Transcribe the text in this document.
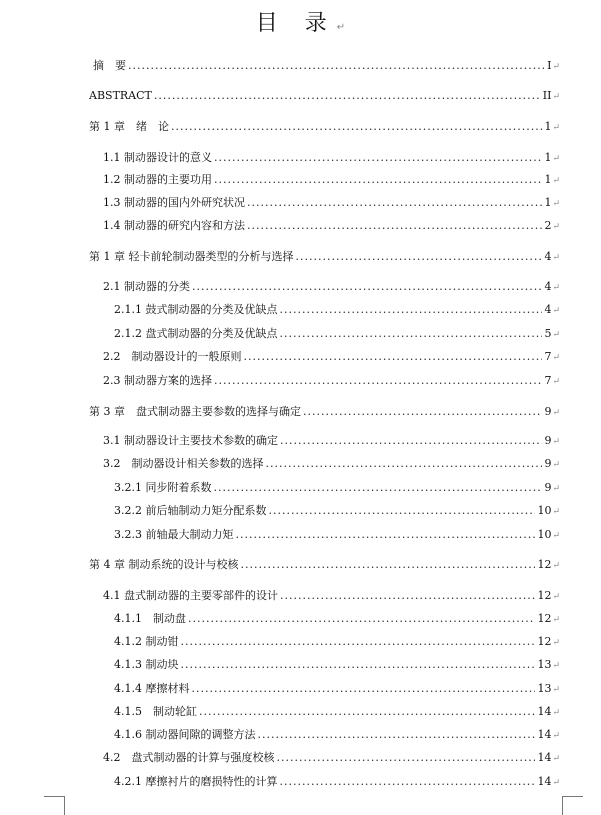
目 录↵
摘　要 .....	I ↵
ABSTRACT .....	II ↵
第 1 章　绪　论 .....	1 ↵
1.1 制动器设计的意义 .....	1 ↵
1.2 制动器的主要功用 .....	1 ↵
1.3 制动器的国内外研究状况 .....	1 ↵
1.4 制动器的研究内容和方法 .....	2 ↵
第 1 章 轻卡前轮制动器类型的分析与选择 .....	4 ↵
2.1 制动器的分类 .....	4 ↵
2.1.1 鼓式制动器的分类及优缺点 .....	4 ↵
2.1.2 盘式制动器的分类及优缺点 .....	5 ↵
2.2　制动器设计的一般原则 .....	7 ↵
2.3 制动器方案的选择 .....	7 ↵
第 3 章　盘式制动器主要参数的选择与确定 .....	9 ↵
3.1 制动器设计主要技术参数的确定 .....	9 ↵
3.2　制动器设计相关参数的选择 .....	9 ↵
3.2.1 同步附着系数 .....	9 ↵
3.2.2 前后轴制动力矩分配系数 .....	10 ↵
3.2.3 前轴最大制动力矩 .....	10 ↵
第 4 章 制动系统的设计与校核 .....	12 ↵
4.1 盘式制动器的主要零部件的设计 .....	12 ↵
4.1.1　制动盘 .....	12 ↵
4.1.2 制动钳 .....	12 ↵
4.1.3 制动块 .....	13 ↵
4.1.4 摩擦材料 .....	13 ↵
4.1.5　制动轮缸 .....	14 ↵
4.1.6 制动器间隙的调整方法 .....	14 ↵
4.2　盘式制动器的计算与强度校核 .....	14 ↵
4.2.1 摩擦衬片的磨损特性的计算 .....	14 ↵
